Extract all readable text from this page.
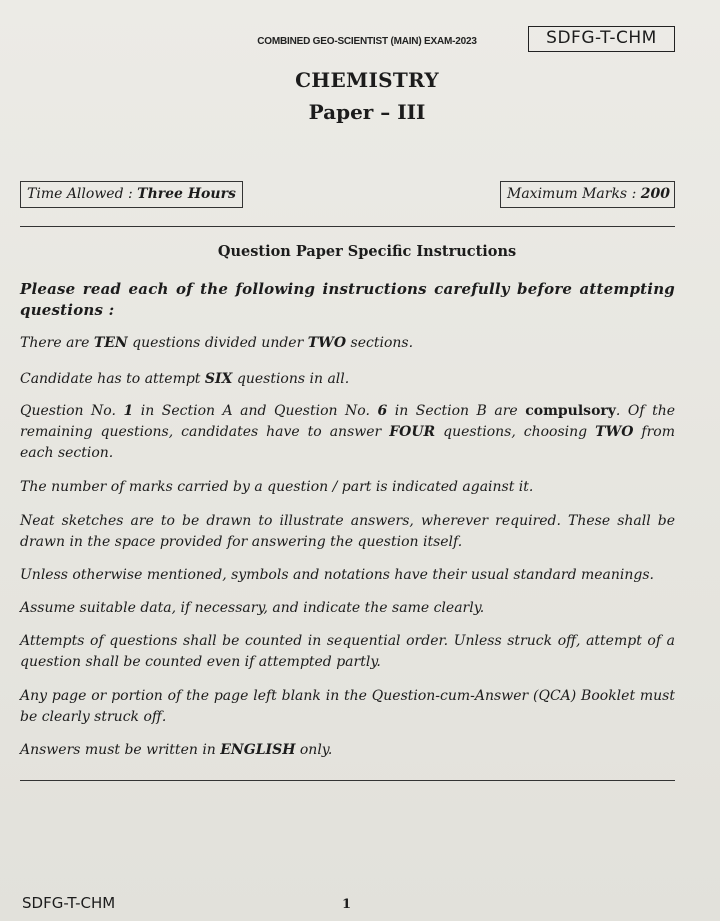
COMBINED GEO-SCIENTIST (MAIN) EXAM-2023	SDFG-T-CHM
CHEMISTRY
Paper – III
Time Allowed : Three Hours	Maximum Marks : 200
Question Paper Specific Instructions
Please read each of the following instructions carefully before attempting questions :
There are TEN questions divided under TWO sections.
Candidate has to attempt SIX questions in all.
Question No. 1 in Section A and Question No. 6 in Section B are compulsory. Of the remaining questions, candidates have to answer FOUR questions, choosing TWO from each section.
The number of marks carried by a question / part is indicated against it.
Neat sketches are to be drawn to illustrate answers, wherever required. These shall be drawn in the space provided for answering the question itself.
Unless otherwise mentioned, symbols and notations have their usual standard meanings.
Assume suitable data, if necessary, and indicate the same clearly.
Attempts of questions shall be counted in sequential order. Unless struck off, attempt of a question shall be counted even if attempted partly.
Any page or portion of the page left blank in the Question-cum-Answer (QCA) Booklet must be clearly struck off.
Answers must be written in ENGLISH only.
SDFG-T-CHM	1
